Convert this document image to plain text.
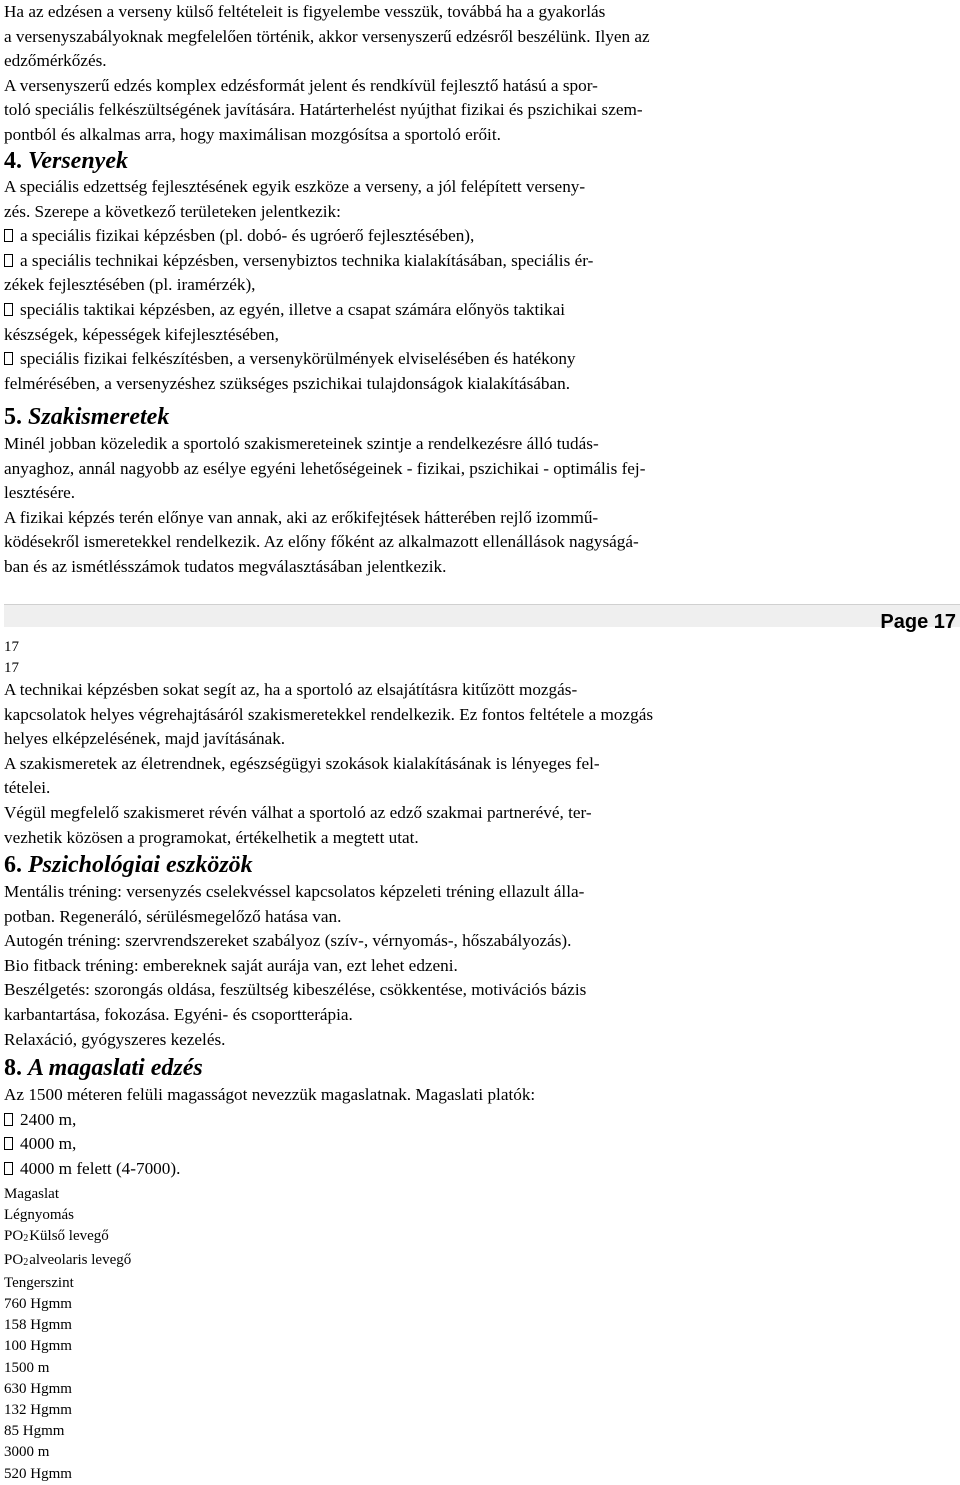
Ha az edzésen a verseny külső feltételeit is figyelembe vesszük, továbbá ha a gyakorlás

a versenyszabályoknak megfelelően történik, akkor versenyszerű edzésről beszélünk. Ilyen az

edzőmérkőzés.

A versenyszerű edzés komplex edzésformát jelent és rendkívül fejlesztő hatású a spor-

toló speciális felkészültségének javítására. Határterhelést nyújthat fizikai és pszichikai szem-

pontból és alkalmas arra, hogy maximálisan mozgósítsa a sportoló erőit.

4. Versenyek

A speciális edzettség fejlesztésének egyik eszköze a verseny, a jól felépített verseny-

zés. Szerepe a következő területeken jelentkezik:

a speciális fizikai képzésben (pl. dobó- és ugróerő fejlesztésében),

a speciális technikai képzésben, versenybiztos technika kialakításában, speciális ér-

zékek fejlesztésében (pl. iramérzék),

speciális taktikai képzésben, az egyén, illetve a csapat számára előnyös taktikai

készségek, képességek kifejlesztésében,

speciális fizikai felkészítésben, a versenykörülmények elviselésében és hatékony

felmérésében, a versenyzéshez szükséges pszichikai tulajdonságok kialakításában.

5. Szakismeretek

Minél jobban közeledik a sportoló szakismereteinek szintje a rendelkezésre álló tudás-

anyaghoz, annál nagyobb az esélye egyéni lehetőségeinek - fizikai, pszichikai - optimális fej-

lesztésére.

A fizikai képzés terén előnye van annak, aki az erőkifejtések hátterében rejlő izommű-

ködésekről ismeretekkel rendelkezik. Az előny főként az alkalmazott ellenállások nagyságá-

ban és az ismétlésszámok tudatos megválasztásában jelentkezik.

Page 17

17

17

A technikai képzésben sokat segít az, ha a sportoló az elsajátításra kitűzött mozgás-

kapcsolatok helyes végrehajtásáról szakismeretekkel rendelkezik. Ez fontos feltétele a mozgás

helyes elképzelésének, majd javításának.

A szakismeretek az életrendnek, egészségügyi szokások kialakításának is lényeges fel-

tételei.

Végül megfelelő szakismeret révén válhat a sportoló az edző szakmai partnerévé, ter-

vezhetik közösen a programokat, értékelhetik a megtett utat.

6. Pszichológiai eszközök

Mentális tréning: versenyzés cselekvéssel kapcsolatos képzeleti tréning ellazult álla-

potban. Regeneráló, sérülésmegelőző hatása van.

Autogén tréning: szervrendszereket szabályoz (szív-, vérnyomás-, hőszabályozás).

Bio fitback tréning: embereknek saját aurája van, ezt lehet edzeni.

Beszélgetés: szorongás oldása, feszültség kibeszélése, csökkentése, motivációs bázis

karbantartása, fokozása. Egyéni- és csoportterápia.

Relaxáció, gyógyszeres kezelés.

8. A magaslati edzés

Az 1500 méteren felüli magasságot nevezzük magaslatnak. Magaslati platók:

2400 m,

4000 m,

4000 m felett (4-7000).

Magaslat

Légnyomás

PO2Külső levegő

PO2alveolaris levegő

Tengerszint

760 Hgmm

158 Hgmm

100 Hgmm

1500 m

630 Hgmm

132 Hgmm

85 Hgmm

3000 m

520 Hgmm
